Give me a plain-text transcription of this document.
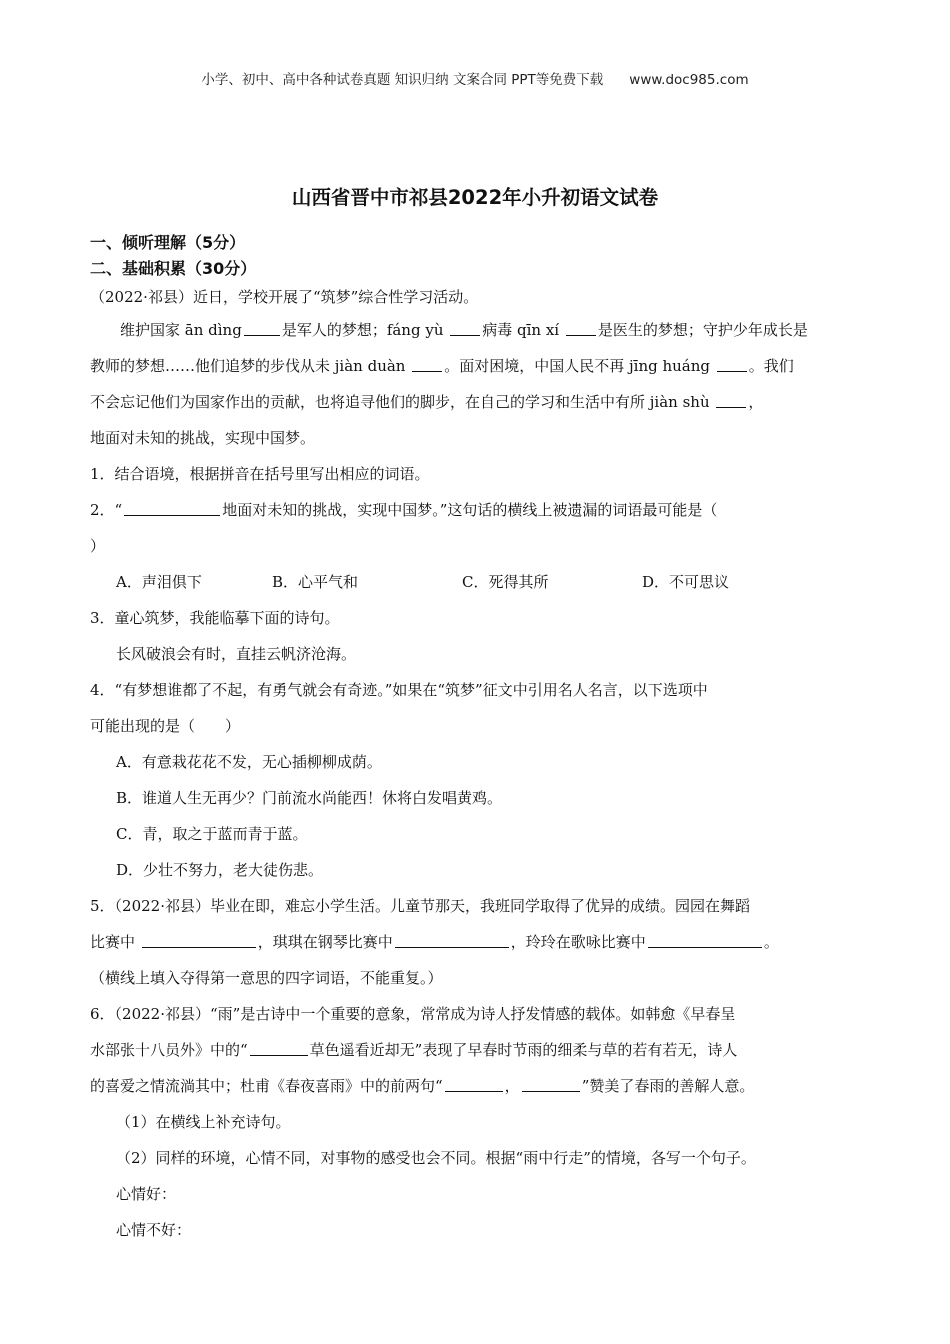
小学、初中、高中各种试卷真题 知识归纳 文案合同 PPT等免费下载 www.doc985.com
山西省晋中市祁县2022年小升初语文试卷
一、倾听理解（5分）
二、基础积累（30分）
（2022·祁县）近日，学校开展了“筑梦”综合性学习活动。
维护国家 ān dìng	是军人的梦想；fáng yù 病毒 qīn xí 是医生的梦想；守护少年成长是
教师的梦想……他们追梦的步伐从未 jiàn duàn 。面对困境，中国人民不再 jīng huáng 。我们
不会忘记他们为国家作出的贡献，也将追寻他们的脚步，在自己的学习和生活中有所 jiàn shù ，
地面对未知的挑战，实现中国梦。
1．结合语境，根据拼音在括号里写出相应的词语。
2．“	地面对未知的挑战，实现中国梦。”这句话的横线上被遗漏的词语最可能是（
）
A．声泪俱下	B．心平气和	C．死得其所	D．不可思议
3．童心筑梦，我能临摹下面的诗句。
长风破浪会有时，直挂云帆济沧海。
4．“有梦想谁都了不起，有勇气就会有奇迹。”如果在“筑梦”征文中引用名人名言，以下选项中
可能出现的是（　　）
A．有意栽花花不发，无心插柳柳成荫。
B．谁道人生无再少？门前流水尚能西！休将白发唱黄鸡。
C．青，取之于蓝而青于蓝。
D．少壮不努力，老大徒伤悲。
5．（2022·祁县）毕业在即，难忘小学生活。儿童节那天，我班同学取得了优异的成绩。园园在舞蹈
比赛中	，琪琪在钢琴比赛中	，玲玲在歌咏比赛中	。
（横线上填入夺得第一意思的四字词语，不能重复。）
6．（2022·祁县）“雨”是古诗中一个重要的意象，常常成为诗人抒发情感的载体。如韩愈《早春呈
水部张十八员外》中的“	草色遥看近却无”表现了早春时节雨的细柔与草的若有若无，诗人
的喜爱之情流淌其中；杜甫《春夜喜雨》中的前两句“	，	”赞美了春雨的善解人意。
（1）在横线上补充诗句。
（2）同样的环境，心情不同，对事物的感受也会不同。根据“雨中行走”的情境，各写一个句子。
心情好：
心情不好：
